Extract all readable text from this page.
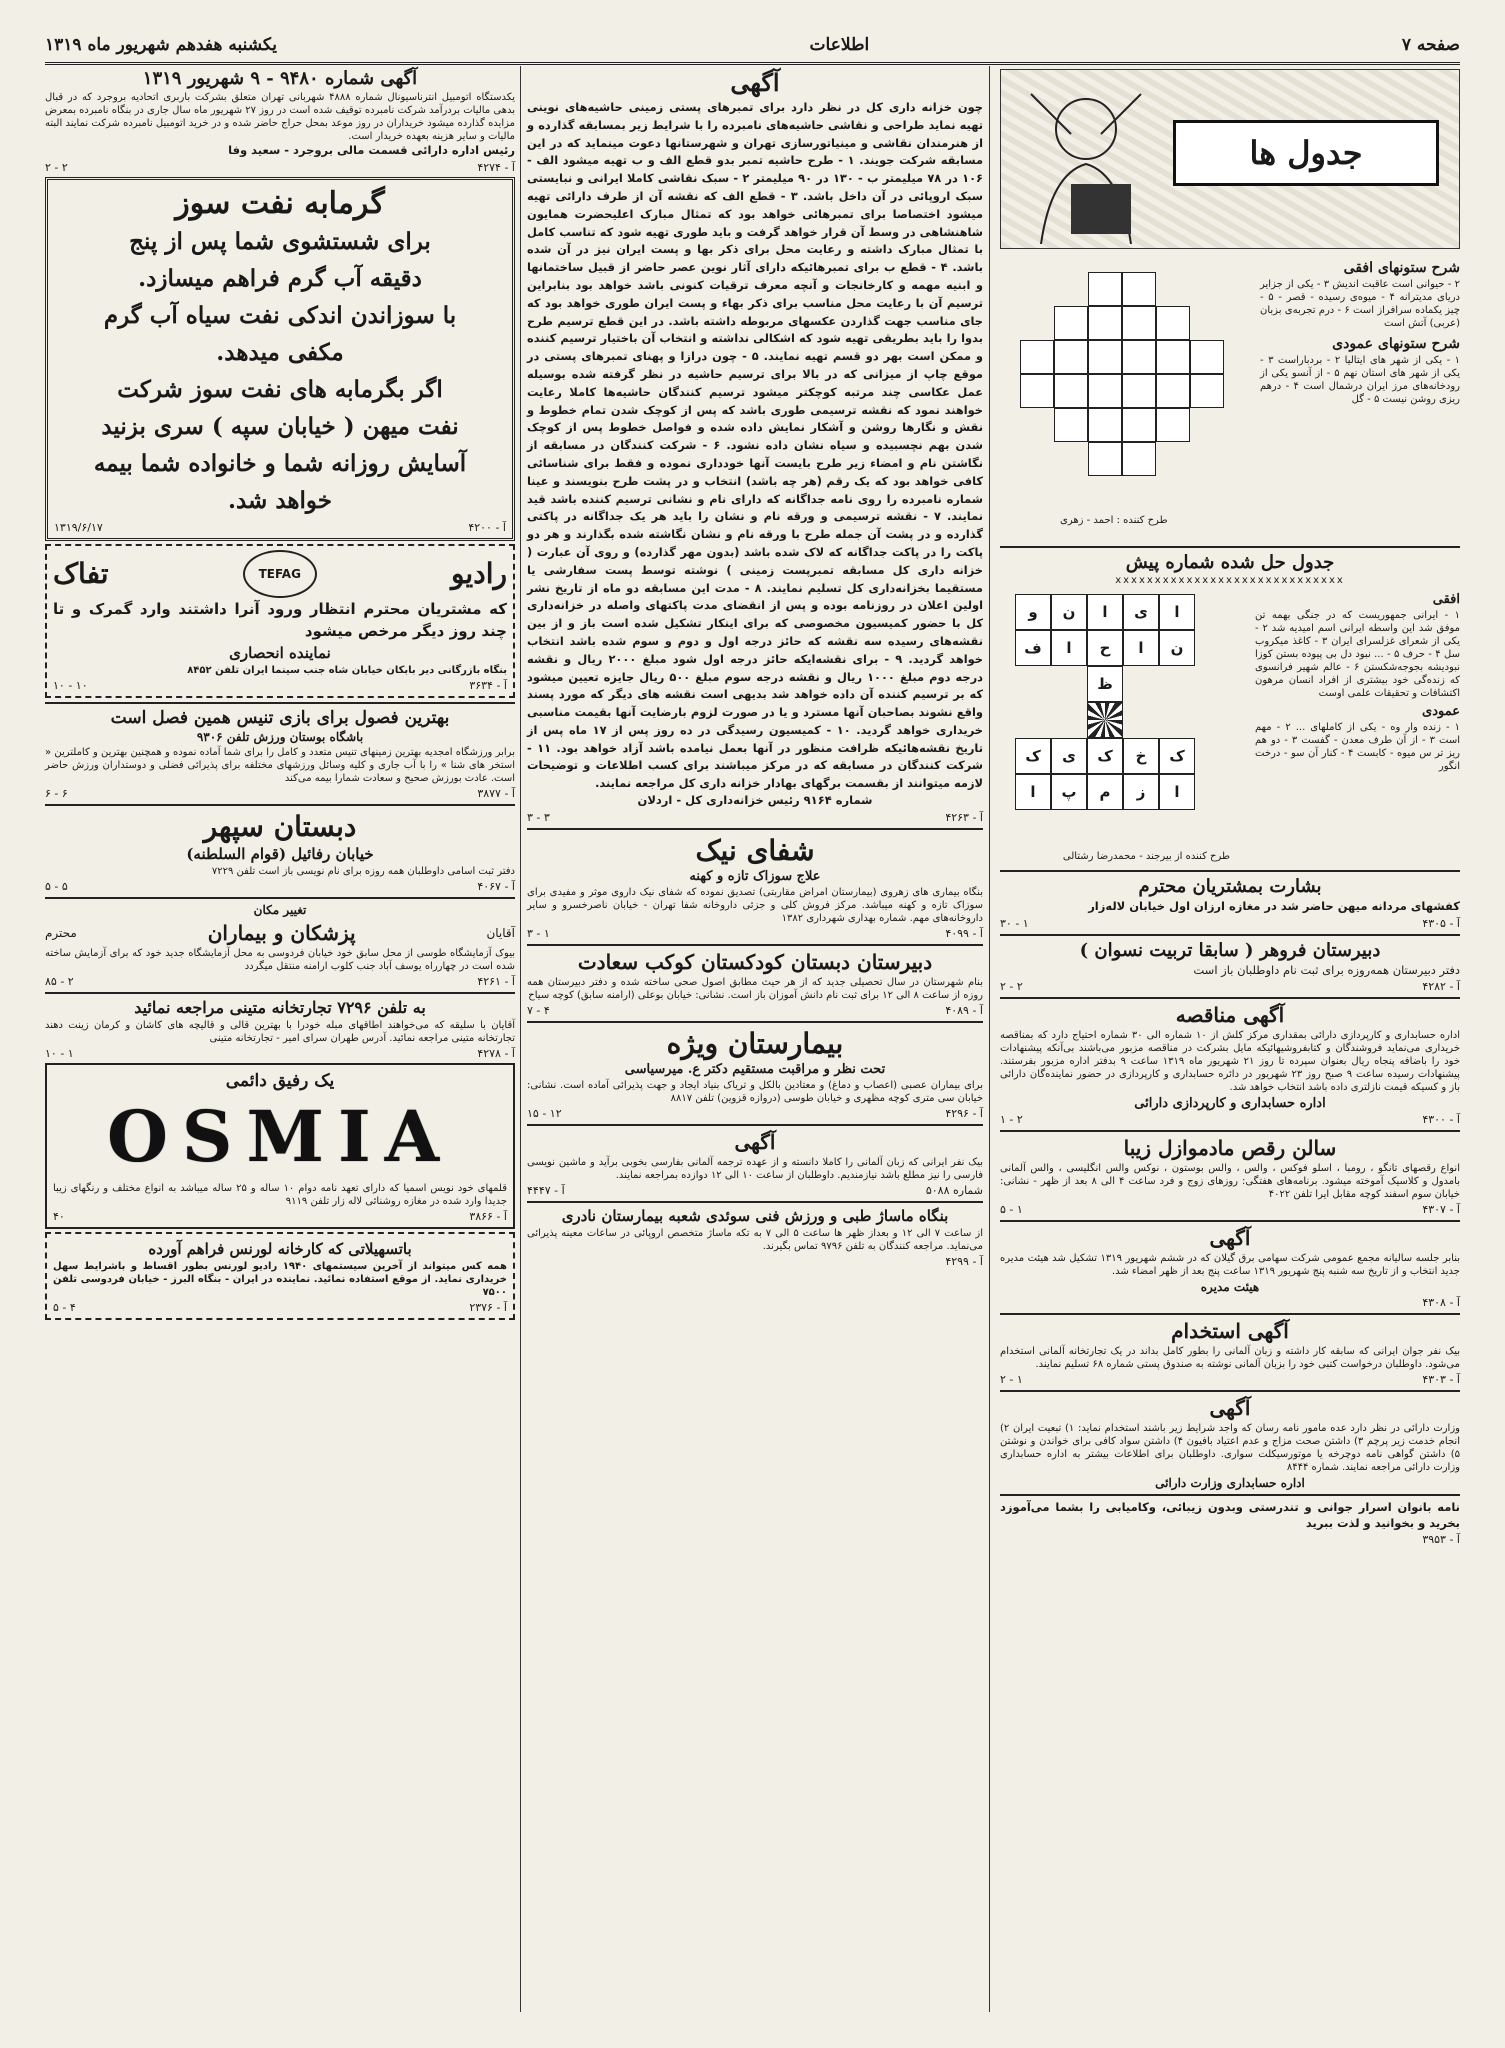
صفحه ۷
اطلاعات
یکشنبه هفدهم شهریور ماه ۱۳۱۹
جدول ها
شرح ستونهای افقی
۲ - حیوانی است عاقبت اندیش ۳ - یکی از جزایر دریای مدیترانه ۴ - میوه‌ی رسیده - قصر - ۵ - چیز یکماده سرافراز است ۶ - درم‌ تجربه‌ی بزبان (عربی) آتش است
شرح ستونهای عمودی
۱ - یکی از شهر های ایتالیا ۲ - بردباراست ۳ - یکی از شهر های استان نهم ۵ - از آنسو یکی از رودخانه‌های مرز ایران درشمال است ۴ - درهم ریزی روشن نیست ۵ - گل
طرح کننده : احمد - زهری
جدول حل شده شماره پیش
xxxxxxxxxxxxxxxxxxxxxxxxxxxxx
افقی
۱ - ایرانی جمهوریست که در جنگی بهمه تن موفق شد این واسطه ایرانی اسم امیدیه شد ۲ - یکی از شعرای غزلسرای ایران ۳ - کاغذ میکروب سل ۴ - حرف ۵ - ... نبود دل بی پیوده بستن کوزا نبودیشه بجوجه‌شکستن ۶ - عالم شهیر فرانسوی که زنده‌گی خود بیشتری از افراد انسان مرهون اکتشافات و تحقیقات علمی اوست
عمودی
۱ - زنده وار وه - یکی از کاملهای ... ۲ - مهم است ۳ - از آن طرف معدن - گفست ۳ - دو هم ریز تر س میوه - کابست ۴ - کنار آن سو - درخت انگور
ا
ی
ا
ن
و
ن
ا
ح
ا
ف
ظ
ک
خ
ک
ی
ک
ا
ز
م
پ
ا
طرح کننده از بیرجند - محمدرضا رشتالی
بشارت بمشتریان محترم
کفشهای مردانه میهن حاضر شد در مغازه ارزان اول خیابان لاله‌زار
آ - ۴۳۰۵
۱ - ۳۰
دبیرستان فروهر ( سابقا تربیت نسوان )
دفتر دبیرستان همه‌روزه برای ثبت نام داوطلبان باز است
آ - ۴۲۸۲
۲ - ۲
آگهی مناقصه
اداره حسابداری و کارپردازی دارائی بمقداری مرکز کلش از ۱۰ شماره الی ۳۰ شماره احتیاج دارد که بمناقصه خریداری می‌نماید فروشندگان و کتابفروشیهائیکه مایل بشرکت در مناقصه مزبور می‌باشند بی‌آنکه پیشنهادات خود را باضافه پنجاه ریال بعنوان سپرده تا روز ۲۱ شهریور ماه ۱۳۱۹ ساعت ۹ بدفتر اداره مزبور بفرستند. پیشنهادات رسیده ساعت ۹ صبح روز ۲۳ شهریور در دائره حسابداری و کارپردازی در حضور نماینده‌گان دارائی باز و کسیکه قیمت نازلتری داده باشد انتخاب خواهد شد.
اداره حسابداری و کارپردازی دارائی
آ - ۴۳۰۰
۲ - ۱
سالن رقص مادموازل زیبا
انواع رقصهای تانگو ، رومبا ، اسلو فوکس ، والس ، والس بوستون ، نوکس والس انگلیسی ، والس آلمانی بامدول و کلاسیک آموخته میشود. برنامه‌های هفتگی: روزهای زوج و فرد ساعت ۴ الی ۸ بعد از ظهر - نشانی: خیابان سوم اسفند کوچه مقابل ایرا تلفن ۴۰۲۲
آ - ۴۳۰۷
۱ - ۵
آگهی
بنابر جلسه سالیانه مجمع عمومی شرکت سهامی برق گیلان که در ششم شهریور ۱۳۱۹ تشکیل شد هیئت مدیره جدید انتخاب و از تاریخ سه شنبه پنج شهریور ۱۳۱۹ ساعت پنج بعد از ظهر امضاء شد.
هیئت مدیره
آ - ۴۳۰۸
آگهی استخدام
بیک نفر جوان ایرانی که سابقه کار داشته و زبان آلمانی را بطور کامل بداند در یک تجارتخانه آلمانی استخدام می‌شود. داوطلبان درخواست کتبی خود را بزبان آلمانی نوشته به صندوق پستی شماره ۶۸ تسلیم نمایند.
آ - ۴۳۰۳
۱ - ۲
آگهی
وزارت دارائی در نظر دارد عده مامور نامه رسان که واجد شرایط زیر باشند استخدام نماید: ۱) تبعیت ایران ۲) انجام خدمت زیر پرچم ۳) داشتن صحت مزاج و عدم اعتیاد بافیون ۴) داشتن سواد کافی برای خواندن و نوشتن ۵) داشتن گواهی نامه دوچرخه یا موتورسیکلت سواری. داوطلبان برای اطلاعات بیشتر به اداره حسابداری وزارت دارائی مراجعه نمایند. شماره ۸۴۴۴
اداره حسابداری وزارت دارائی
نامه بانوان اسرار جوانی و تندرستی وبدون زیبائی، وکامیابی را بشما می‌آموزد بخرید و بخوانید و لذت ببرید
آ - ۳۹۵۳
آگهی
چون خزانه داری کل در نظر دارد برای تمبرهای پستی زمینی حاشیه‌های نوینی تهیه نماید طراحی و نقاشی حاشیه‌های نامبرده را با شرایط زیر بمسابقه گذارده و از هنرمندان نقاشی و مینیاتورسازی تهران و شهرستانها دعوت مینماید که در این مسابقه شرکت جویند. ۱ - طرح حاشیه تمبر بدو قطع الف و ب تهیه میشود الف - ۱۰۶ در ۷۸ میلیمتر ب - ۱۳۰ در ۹۰ میلیمتر ۲ - سبک نقاشی کاملا ایرانی و نبایستی سبک اروپائی در آن داخل باشد. ۳ - قطع الف که نقشه آن از طرف دارائی تهیه میشود اختصاصا برای تمبرهائی خواهد بود که تمثال مبارک اعلیحضرت همایون شاهنشاهی در وسط آن قرار خواهد گرفت و باید طوری تهیه شود که تناسب کامل با تمثال مبارک داشته و رعایت محل برای ذکر بها و پست ایران نیز در آن شده باشد. ۴ - قطع ب برای تمبرهائیکه دارای آثار نوین عصر حاضر از قبیل ساختمانها و ابنیه مهمه و کارخانجات و آنچه معرف ترقیات کنونی باشد خواهد بود بنابراین ترسیم آن با رعایت محل مناسب برای ذکر بهاء و پست ایران طوری خواهد بود که جای مناسب جهت گذاردن عکسهای مربوطه داشته باشد. در این قطع ترسیم طرح بدوا را باید بطریقی تهیه شود که اشکالی نداشته و انتخاب آن باختیار ترسیم کننده و ممکن است بهر دو قسم تهیه نمایند. ۵ - چون درازا و پهنای تمبرهای پستی در موقع چاپ از میزانی که در بالا برای ترسیم حاشیه در نظر گرفته شده بوسیله عمل عکاسی چند مرتبه کوچکتر میشود ترسیم کنندگان حاشیه‌ها کاملا رعایت خواهند نمود که نقشه ترسیمی طوری باشد که پس از کوچک شدن تمام خطوط و نقش و نگارها روشن و آشکار نمایش داده شده و فواصل خطوط پس از کوچک شدن بهم نچسبیده و سیاه نشان داده نشود. ۶ - شرکت کنندگان در مسابقه از نگاشتن نام و امضاء زیر طرح بایست آنها خودداری نموده و فقط برای شناسائی کافی خواهد بود که یک رقم (هر چه باشد) انتخاب و در پشت طرح بنویسند و عینا شماره نامبرده را روی نامه جداگانه که دارای نام و نشانی ترسیم کننده باشد قید نمایند. ۷ - نقشه ترسیمی و ورقه نام و نشان را باید هر یک جداگانه در پاکتی گذارده و در پشت آن جمله طرح با ورقه نام و نشان نگاشته شده بگذارند و هر دو پاکت را در پاکت جداگانه که لاک شده باشد (بدون مهر گذارده) و روی آن عبارت ( خزانه داری کل مسابقه تمبرپست زمینی ) نوشته توسط پست سفارشی یا مستقیما بخزانه‌داری کل تسلیم نمایند. ۸ - مدت این مسابقه دو ماه از تاریخ نشر اولین اعلان در روزنامه بوده و پس از انقضای مدت پاکتهای واصله در خزانه‌داری کل با حضور کمیسیون مخصوصی که برای اینکار تشکیل شده است باز و از بین نقشه‌های رسیده سه نقشه که حائز درجه اول و دوم و سوم شده باشد انتخاب خواهد گردید. ۹ - برای نقشه‌ایکه حائز درجه اول شود مبلغ ۲۰۰۰ ریال و نقشه درجه دوم مبلغ ۱۰۰۰ ریال و نقشه درجه سوم مبلغ ۵۰۰ ریال جایزه تعیین میشود که بر ترسیم کننده آن داده خواهد شد بدیهی است نقشه های دیگر که مورد پسند واقع نشوند بصاحبان آنها مسترد و یا در صورت لزوم بارضایت آنها بقیمت مناسبی خریداری خواهد گردید. ۱۰ - کمیسیون رسیدگی در ده روز پس از ۱۷ ماه پس از تاریخ نقشه‌هائیکه ظرافت منظور در آنها بعمل نیامده باشد آزاد خواهد بود. ۱۱ - شرکت کنندگان در مسابقه که در مرکز میباشند برای کسب اطلاعات و توضیحات لازمه میتوانند از بقسمت برگهای بهادار خزانه داری کل مراجعه نمایند.
شماره ۹۱۶۴ رئیس خزانه‌داری کل - اردلان
آ - ۴۲۶۳
۳ - ۳
شفای نیک
علاج سوزاک تازه و کهنه
بنگاه بیماری های زهروی (بیمارستان امراض مقاربتی) تصدیق نموده که شفای نیک داروی موثر و مفیدی برای سوزاک تازه و کهنه میباشد. مرکز فروش کلی و جزئی داروخانه شفا تهران - خیابان ناصرخسرو و سایر داروخانه‌های مهم. شماره بهداری شهرداری ۱۳۸۲
آ - ۴۰۹۹
۱ - ۳
دبیرستان دبستان کودکستان کوکب سعادت
بنام شهرستان در سال تحصیلی جدید که از هر حیث مطابق اصول صحی ساخته شده و دفتر دبیرستان همه روزه از ساعت ۸ الی ۱۲ برای ثبت نام دانش آموزان باز است. نشانی: خیابان بوعلی (ارامنه سابق) کوچه سیاح
آ - ۴۰۸۹
۴ - ۷
بیمارستان ویژه
تحت نظر و مراقبت مستقیم دکتر ع. میرسیاسی
برای بیماران عصبی (اعصاب و دماغ) و معتادین بالکل و تریاک بنیاد ایجاد و جهت پذیرائی آماده است. نشانی: خیابان سی متری کوچه مظهری و خیابان طوسی (دروازه قزوین) تلفن ۸۸۱۷
آ - ۴۲۹۶
۱۲ - ۱۵
آگهی
بیک نفر ایرانی که زبان آلمانی را کاملا دانسته و از عهده ترجمه آلمانی بفارسی بخوبی برآید و ماشین نویسی فارسی را نیز مطلع باشد نیازمندیم. داوطلبان از ساعت ۱۰ الی ۱۲ دوازده بمراجعه نمایند.
شماره ۵۰۸۸
آ - ۴۴۴۷
بنگاه ماساژ طبی و ورزش فنی سوئدی شعبه بیمارستان نادری
از ساعت ۷ الی ۱۲ و بعداز ظهر ها ساعت ۵ الی ۷ به تکه ماساژ متخصص اروپائی در ساعات معینه پذیرائی می‌نماید. مراجعه کنندگان به تلفن ۹۷۹۶ تماس بگیرند.
آ - ۴۲۹۹
آگهی شماره ۹۴۸۰ - ۹ شهریور ۱۳۱۹
یکدستگاه اتومبیل انترناسیونال شماره ۴۸۸۸ شهربانی تهران متعلق بشرکت باربری اتحادیه بروجرد که در قبال بدهی مالیات بردرآمد شرکت نامبرده توقیف شده است در روز ۲۷ شهریور ماه سال جاری در بنگاه نامبرده بمعرض مزایده گذارده میشود خریداران در روز موعد بمحل حراج حاضر شده و در خرید اتومبیل نامبرده شرکت نمایند البته مالیات و سایر هزینه بعهده خریدار است.
رئیس اداره دارائی قسمت مالی بروجرد - سعید وفا
آ - ۴۲۷۴
۲ - ۲
گرمابه نفت سوز
برای شستشوی شما پس از پنج
دقیقه آب گرم فراهم میسازد.
با سوزاندن اندکی نفت سیاه آب گرم
مکفی میدهد.
اگر بگرمابه های نفت سوز شرکت
نفت میهن ( خیابان سپه ) سری بزنید
آسایش روزانه شما و خانواده شما بیمه
خواهد شد.
آ - ۴۲۰۰
۱۳۱۹/۶/۱۷
رادیو
TEFAG
تفاک
که مشتریان محترم انتظار ورود آنرا داشتند وارد گمرک و تا چند روز دیگر مرخص میشود
نماینده انحصاری
بنگاه بازرگانی دیر بابکان خیابان شاه جنب سینما ایران تلفن ۸۴۵۲
آ - ۳۶۳۴
۱۰ - ۱۰
بهترین فصول برای بازی تنیس همین فصل است
باشگاه بوستان ورزش تلفن ۹۳۰۶
برابر ورزشگاه امجدیه بهترین زمینهای تنیس متعدد و کامل را برای شما آماده نموده و همچنین بهترین و کاملترین « استخر های شنا » را با آب جاری و کلیه وسائل ورزشهای مختلفه برای پذیرائی فضلی و دوستداران ورزش حاضر است. عادت بورزش صحیح و سعادت شمارا بیمه می‌کند
آ - ۳۸۷۷
۶ - ۶
دبستان سپهر
خیابان رفائیل (قوام السلطنه)
دفتر ثبت اسامی داوطلبان همه روزه برای نام نویسی باز است تلفن ۷۲۲۹
آ - ۴۰۶۷
۵ - ۵
تغییر مکان
آقایان
پزشکان و بیماران
محترم
بیوک آزمایشگاه طوسی از محل سابق خود خیابان فردوسی به محل آزمایشگاه جدید خود که برای آزمایش ساخته شده است در چهارراه یوسف آباد جنب کلوب ارامنه منتقل میگردد
آ - ۴۲۶۱
۲ - ۸۵
به تلفن ۷۲۹۶ تجارتخانه متینی مراجعه نمائید
آقایان با سلیقه که می‌خواهند اطاقهای مبله خودرا با بهترین قالی و قالیچه های کاشان و کرمان زینت دهند تجارتخانه متینی مراجعه نمائید. آدرس طهران سرای امیر - تجارتخانه متینی
آ - ۴۲۷۸
۱ - ۱۰
یک رفیق دائمی
OSMIA
قلمهای خود نویس اسمیا که دارای تعهد نامه دوام ۱۰ ساله و ۲۵ ساله میباشد به انواع مختلف و رنگهای زیبا جدیدا وارد شده در مغازه روشنائی لاله زار تلفن ۹۱۱۹
آ - ۳۸۶۶
۴۰
باتسهیلاتی که کارخانه لورنس فراهم آورده
همه کس میتواند از آخرین سیستمهای ۱۹۴۰ رادیو لورنس بطور اقساط و باشرایط سهل خریداری نماید. از موقع استفاده نمائید. نماینده در ایران - بنگاه البرز - خیابان فردوسی تلفن ۷۵۰۰
آ - ۲۳۷۶
۴ - ۵
